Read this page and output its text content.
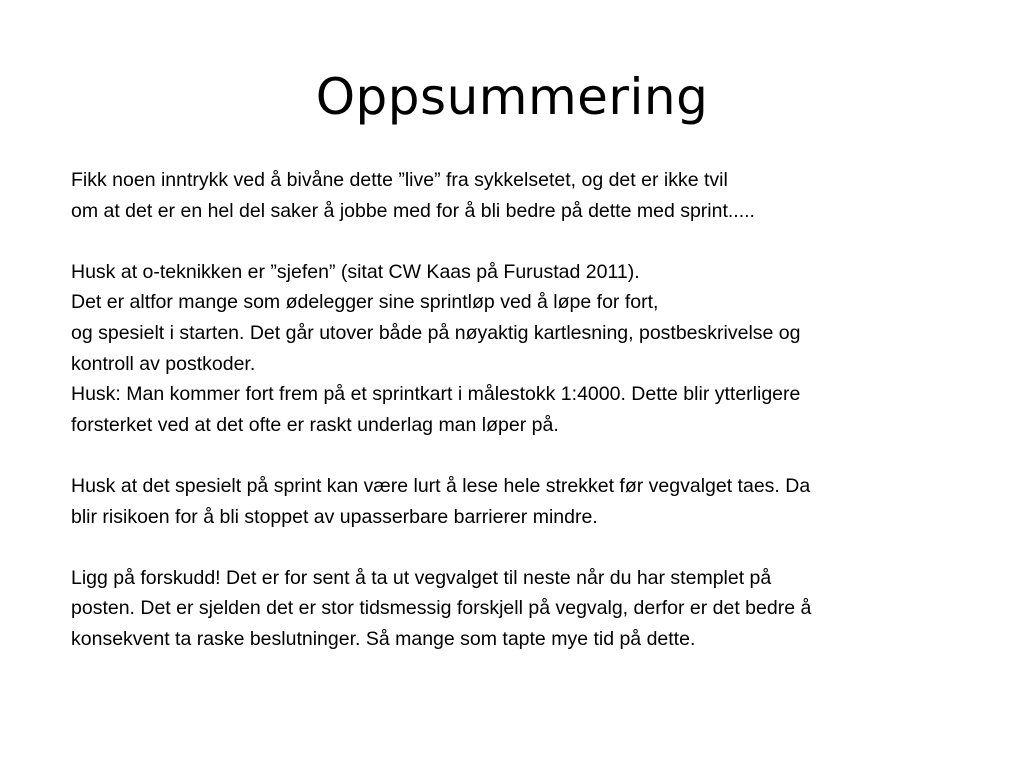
Oppsummering
Fikk noen inntrykk ved å bivåne dette ”live” fra sykkelsetet, og det er ikke tvil
om at det er en hel del saker å jobbe med for å bli bedre på dette med sprint.....
Husk at o-teknikken er ”sjefen” (sitat CW Kaas på Furustad 2011).
Det er altfor mange som ødelegger sine sprintløp ved å løpe for fort,
og spesielt i starten. Det går utover både på nøyaktig kartlesning, postbeskrivelse og
kontroll av postkoder.
Husk: Man kommer fort frem på et sprintkart i målestokk 1:4000. Dette blir ytterligere
forsterket ved at det ofte er raskt underlag man løper på.
Husk at det spesielt på sprint kan være lurt å lese hele strekket før vegvalget taes. Da
blir risikoen for å bli stoppet av upasserbare barrierer mindre.
Ligg på forskudd! Det er for sent å ta ut vegvalget til neste når du har stemplet på
posten. Det er sjelden det er stor tidsmessig forskjell på vegvalg, derfor er det bedre å
konsekvent ta raske beslutninger. Så mange som tapte mye tid på dette.
